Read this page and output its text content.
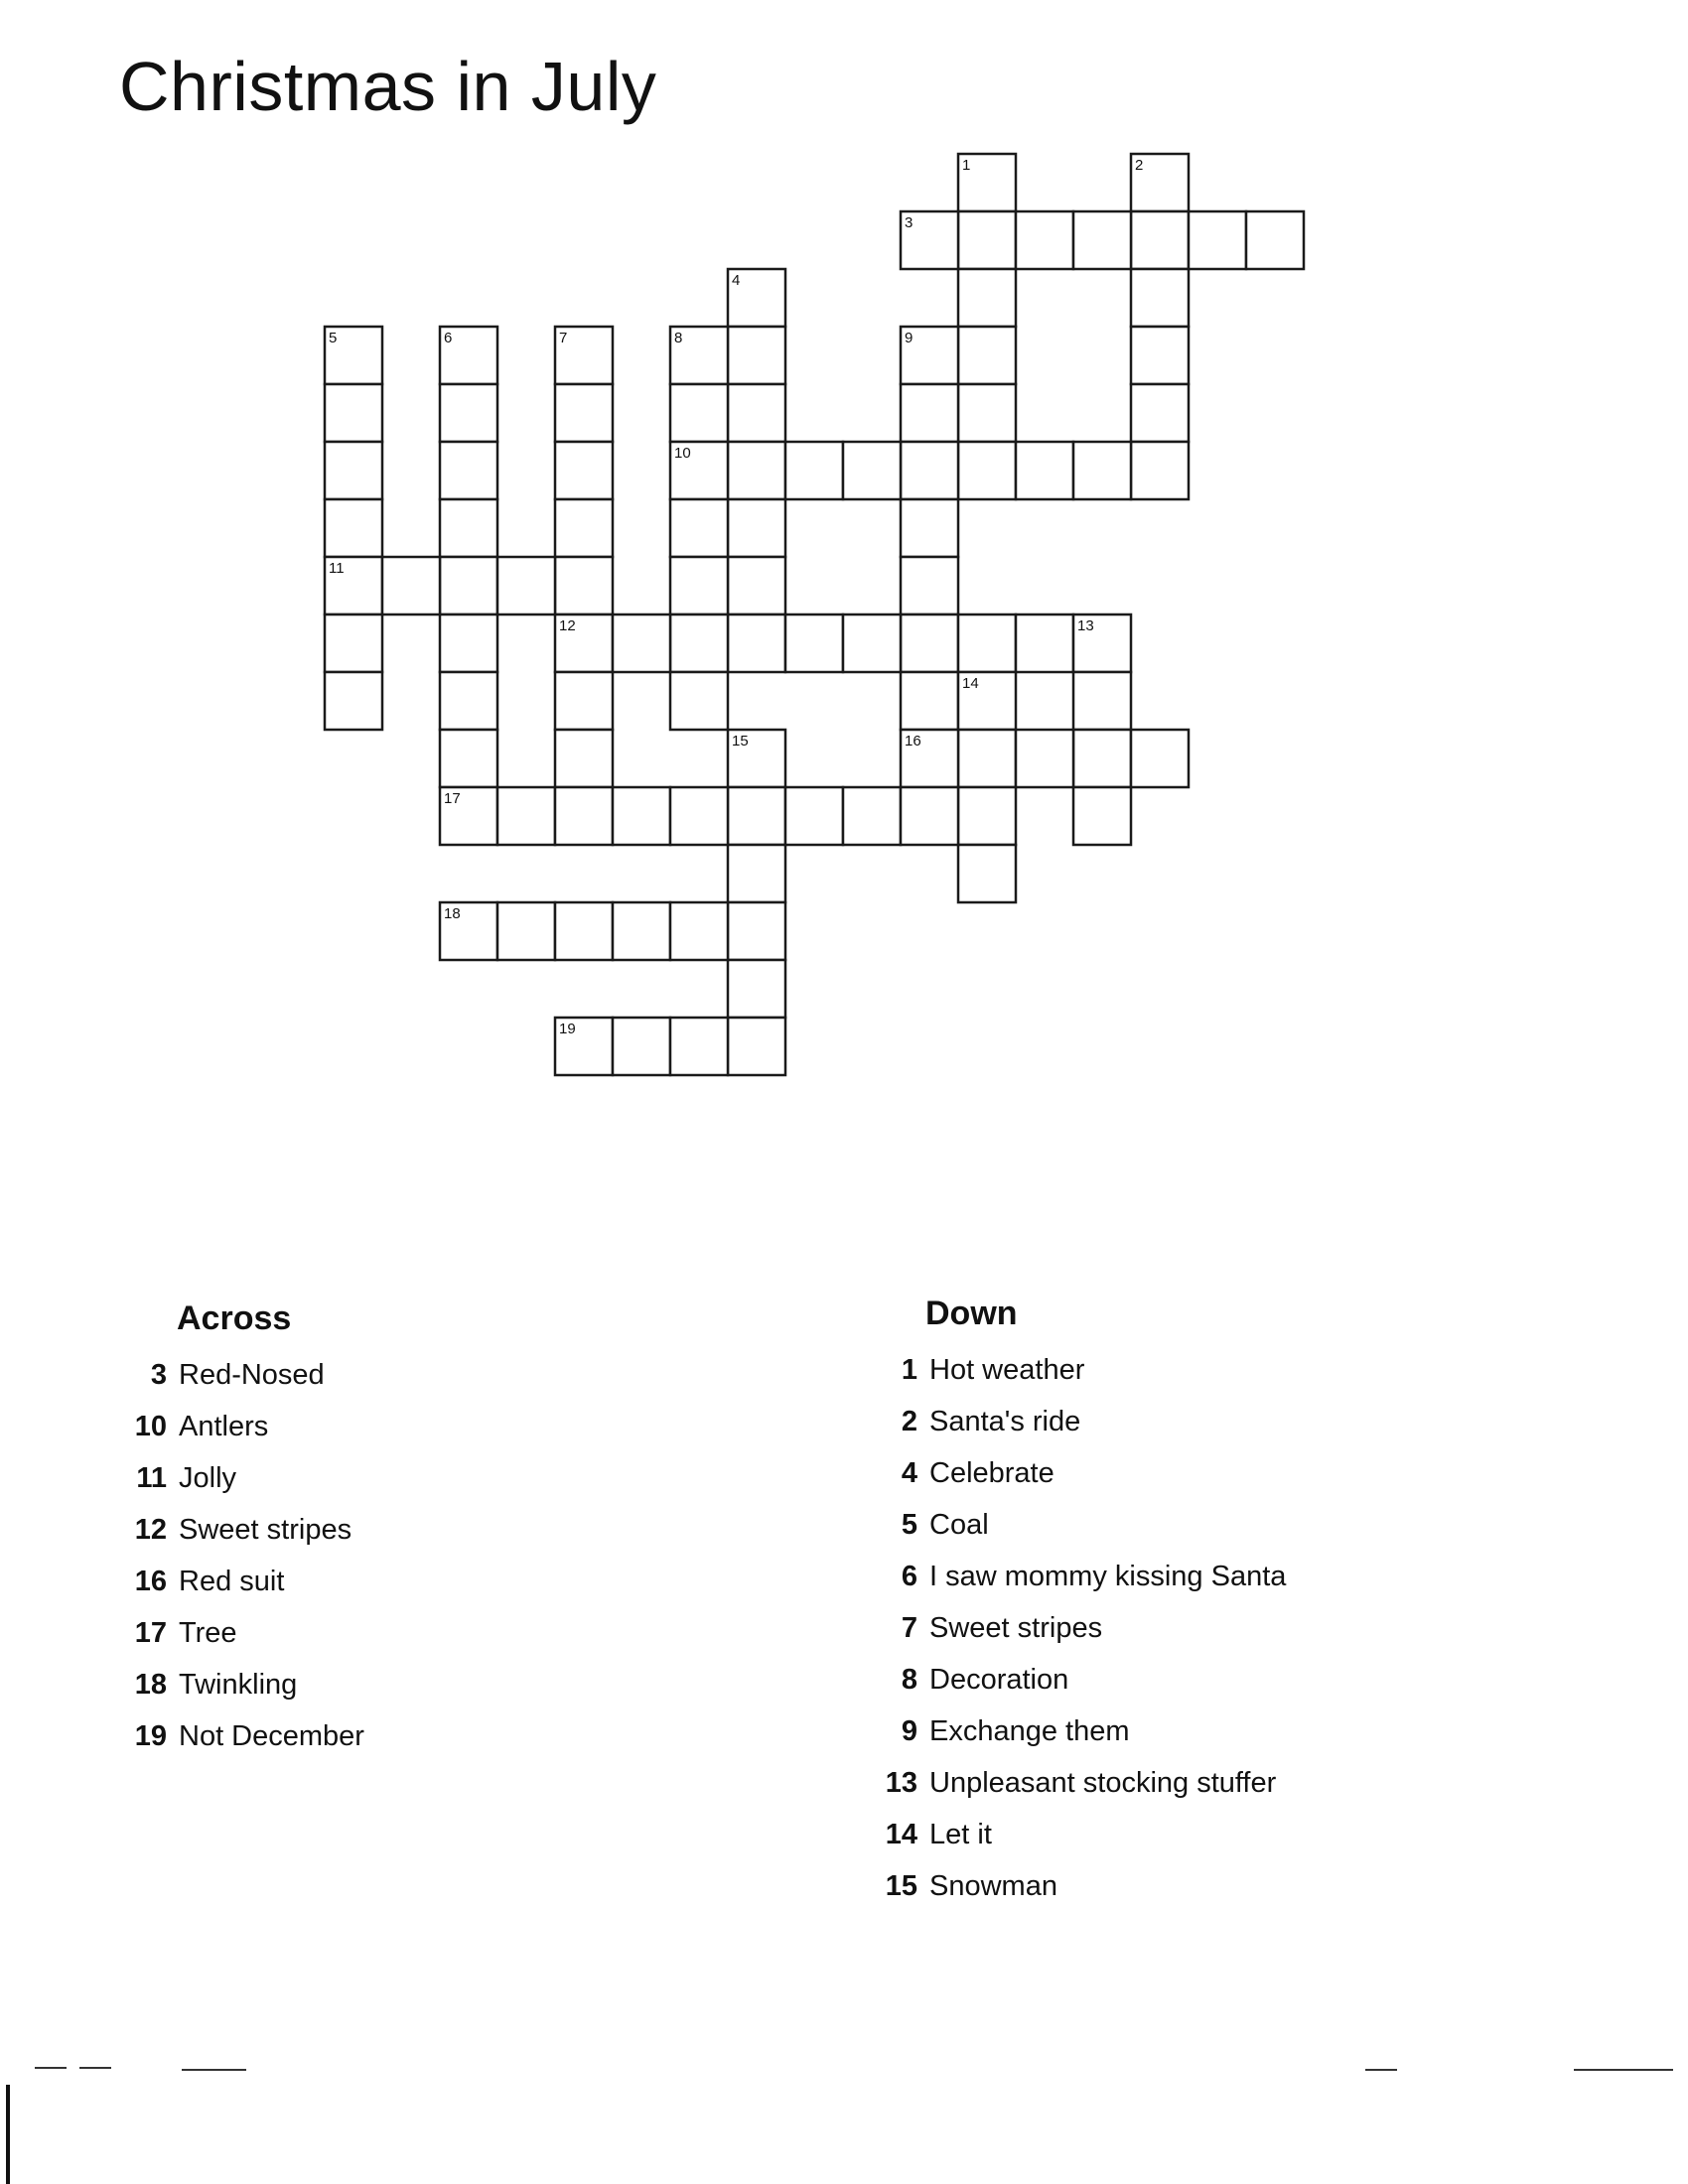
Christmas in July
1	2
3
4
5
11
6
17
7
12
8
10
9
13
14
15	16
18
19
Across
3 Red-Nosed
10 Antlers
11 Jolly
12 Sweet stripes
16 Red suit
17 Tree
18 Twinkling
19 Not December
Down
1 Hot weather
2 Santa's ride
4 Celebrate
5 Coal
6 I saw mommy kissing Santa
7 Sweet stripes
8 Decoration
9 Exchange them
13 Unpleasant stocking stuffer
14 Let it
15 Snowman
